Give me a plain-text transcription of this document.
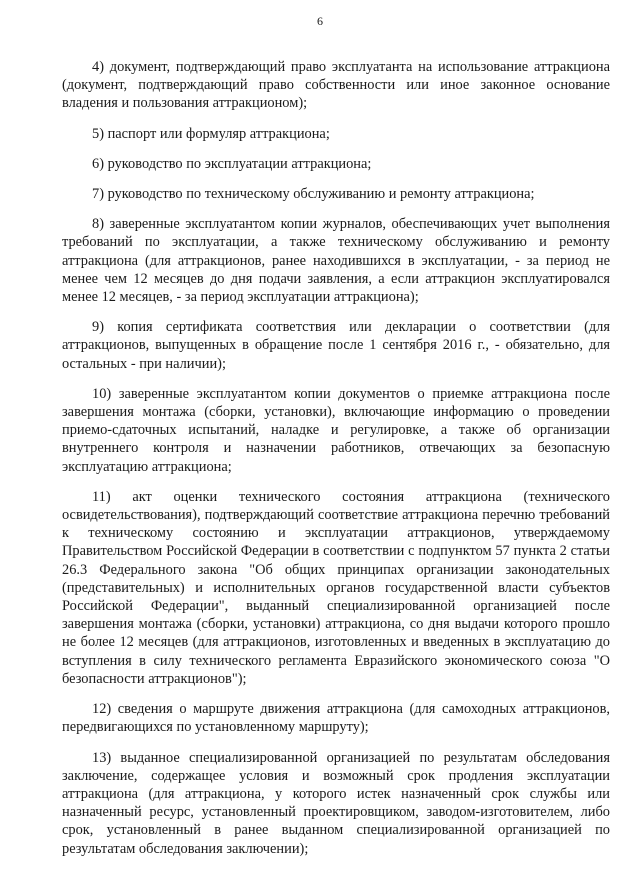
6

4) документ, подтверждающий право эксплуатанта на использование аттракциона (документ, подтверждающий право собственности или иное законное основание владения и пользования аттракционом);

5) паспорт или формуляр аттракциона;

6) руководство по эксплуатации аттракциона;

7) руководство по техническому обслуживанию и ремонту аттракциона;

8) заверенные эксплуатантом копии журналов, обеспечивающих учет выполнения требований по эксплуатации, а также техническому обслуживанию и ремонту аттракциона (для аттракционов, ранее находившихся в эксплуатации, - за период не менее чем 12 месяцев до дня подачи заявления, а если аттракцион эксплуатировался менее 12 месяцев, - за период эксплуатации аттракциона);

9) копия сертификата соответствия или декларации о соответствии (для аттракционов, выпущенных в обращение после 1 сентября 2016 г., - обязательно, для остальных - при наличии);

10) заверенные эксплуатантом копии документов о приемке аттракциона после завершения монтажа (сборки, установки), включающие информацию о проведении приемо-сдаточных испытаний, наладке и регулировке, а также об организации внутреннего контроля и назначении работников, отвечающих за безопасную эксплуатацию аттракциона;

11) акт оценки технического состояния аттракциона (технического освидетельствования), подтверждающий соответствие аттракциона перечню требований к техническому состоянию и эксплуатации аттракционов, утверждаемому Правительством Российской Федерации в соответствии с подпунктом 57 пункта 2 статьи 26.3 Федерального закона "Об общих принципах организации законодательных (представительных) и исполнительных органов государственной власти субъектов Российской Федерации", выданный специализированной организацией после завершения монтажа (сборки, установки) аттракциона, со дня выдачи которого прошло не более 12 месяцев (для аттракционов, изготовленных и введенных в эксплуатацию до вступления в силу технического регламента Евразийского экономического союза "О безопасности аттракционов");

12) сведения о маршруте движения аттракциона (для самоходных аттракционов, передвигающихся по установленному маршруту);

13) выданное специализированной организацией по результатам обследования заключение, содержащее условия и возможный срок продления эксплуатации аттракциона (для аттракциона, у которого истек назначенный срок службы или назначенный ресурс, установленный проектировщиком, заводом-изготовителем, либо срок, установленный в ранее выданном специализированной организацией по результатам обследования заключении);
